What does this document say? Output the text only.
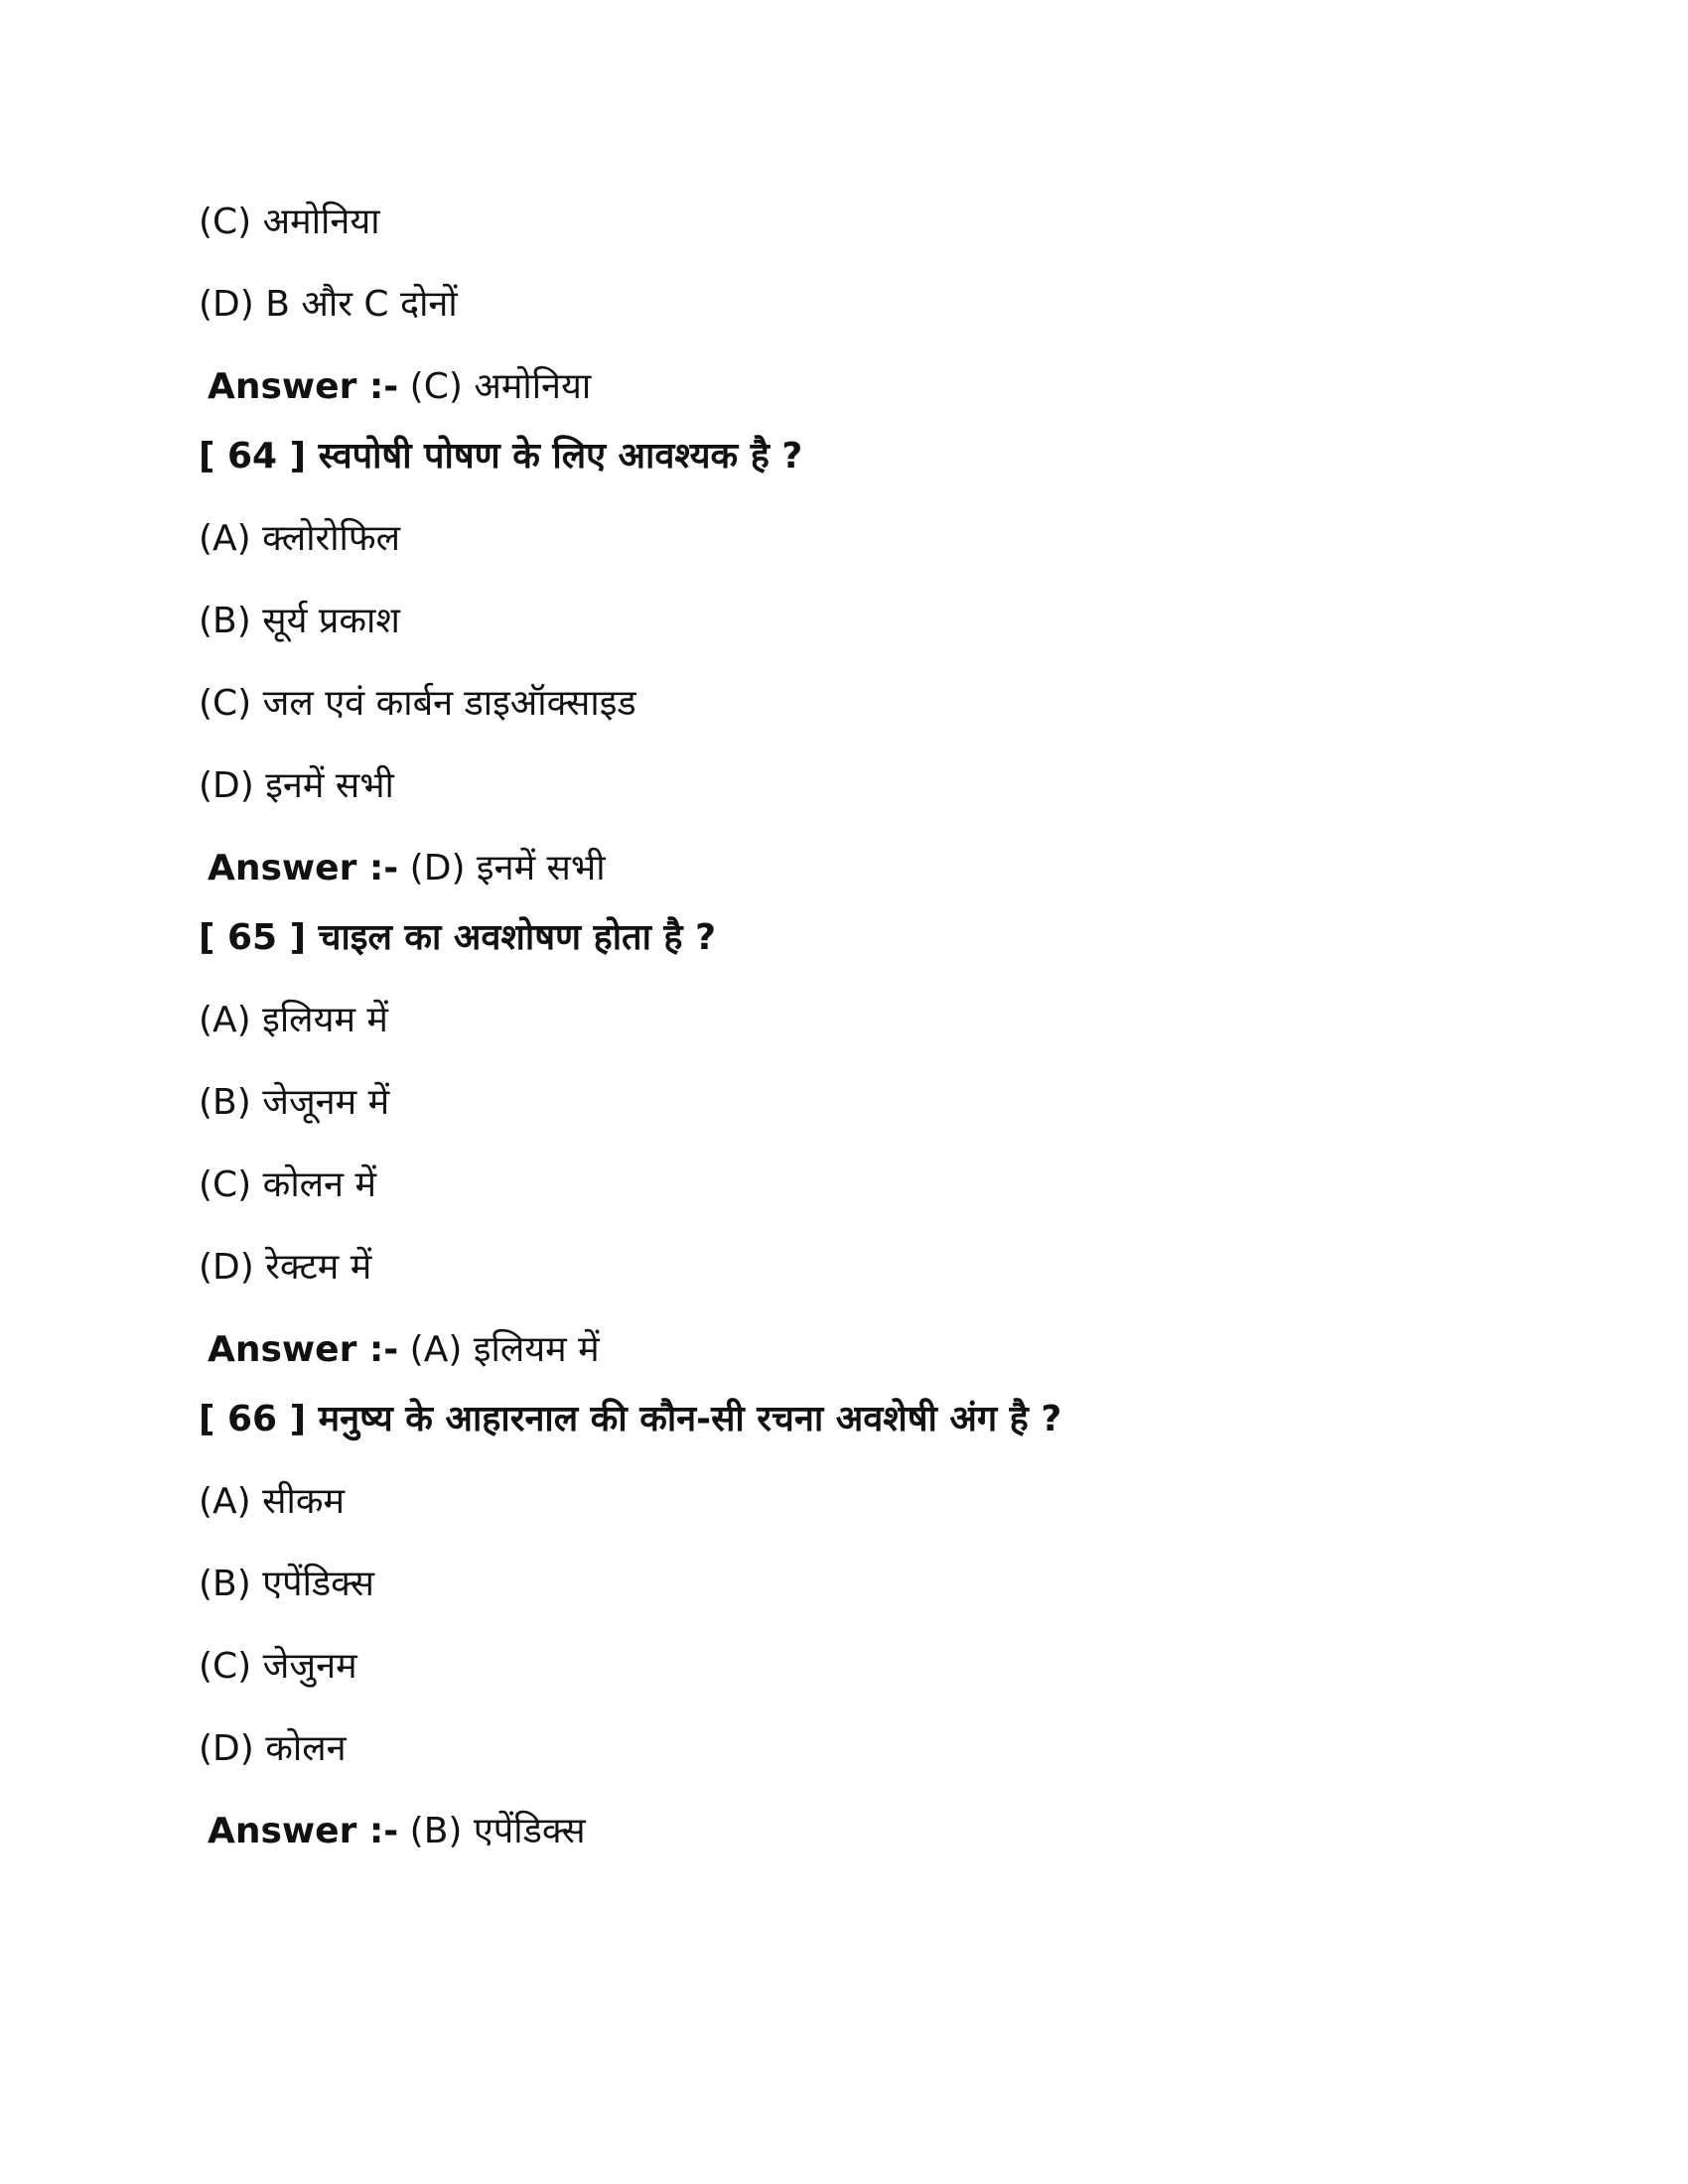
(C) अमोनिया
(D) B और C दोनों
Answer :- (C) अमोनिया
[ 64 ] स्वपोषी पोषण के लिए आवश्यक है ?
(A) क्लोरोफिल
(B) सूर्य प्रकाश
(C) जल एवं कार्बन डाइऑक्साइड
(D) इनमें सभी
Answer :- (D) इनमें सभी
[ 65 ] चाइल का अवशोषण होता है ?
(A) इलियम में
(B) जेजूनम में
(C) कोलन में
(D) रेक्टम में
Answer :- (A) इलियम में
[ 66 ] मनुष्य के आहारनाल की कौन-सी रचना अवशेषी अंग है ?
(A) सीकम
(B) एपेंडिक्स
(C) जेजुनम
(D) कोलन
Answer :- (B) एपेंडिक्स
